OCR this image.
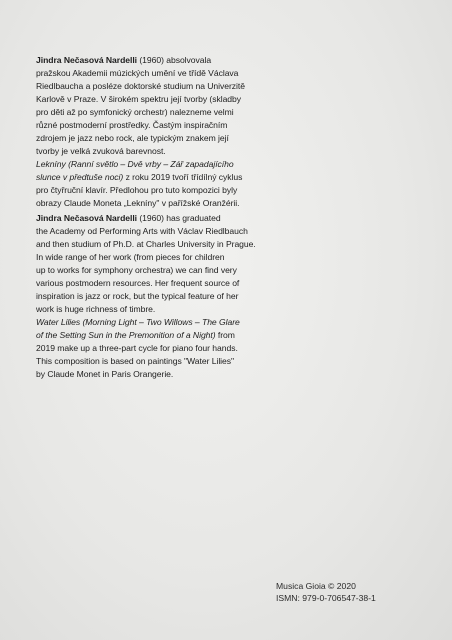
Jindra Nečasová Nardelli (1960) absolvovala
pražskou Akademii múzických umění ve třídě Václava
Riedlbaucha a posléze doktorské studium na Univerzitě
Karlově v Praze. V širokém spektru její tvorby (skladby
pro děti až po symfonický orchestr) nalezneme velmi
různé postmoderní prostředky. Častým inspiračním
zdrojem je jazz nebo rock, ale typickým znakem její
tvorby je velká zvuková barevnost.
Lekníny (Ranní světlo – Dvě vrby – Zář zapadajícího
slunce v předtuše noci) z roku 2019 tvoří třídílný cyklus
pro čtyřruční klavír. Předlohou pro tuto kompozici byly
obrazy Claude Moneta „Lekníny" v pařížské Oranžérii.
Jindra Nečasová Nardelli (1960) has graduated
the Academy od Performing Arts with Václav Riedlbauch
and then studium of Ph.D. at Charles University in Prague.
In wide range of her work (from pieces for children
up to works for symphony orchestra) we can find very
various postmodern resources. Her frequent source of
inspiration is jazz or rock, but the typical feature of her
work is huge richness of timbre.
Water Lilies (Morning Light – Two Willows – The Glare
of the Setting Sun in the Premonition of a Night) from
2019 make up a three-part cycle for piano four hands.
This composition is based on paintings "Water Lilies"
by Claude Monet in Paris Orangerie.
Musica Gioia © 2020
ISMN: 979-0-706547-38-1
